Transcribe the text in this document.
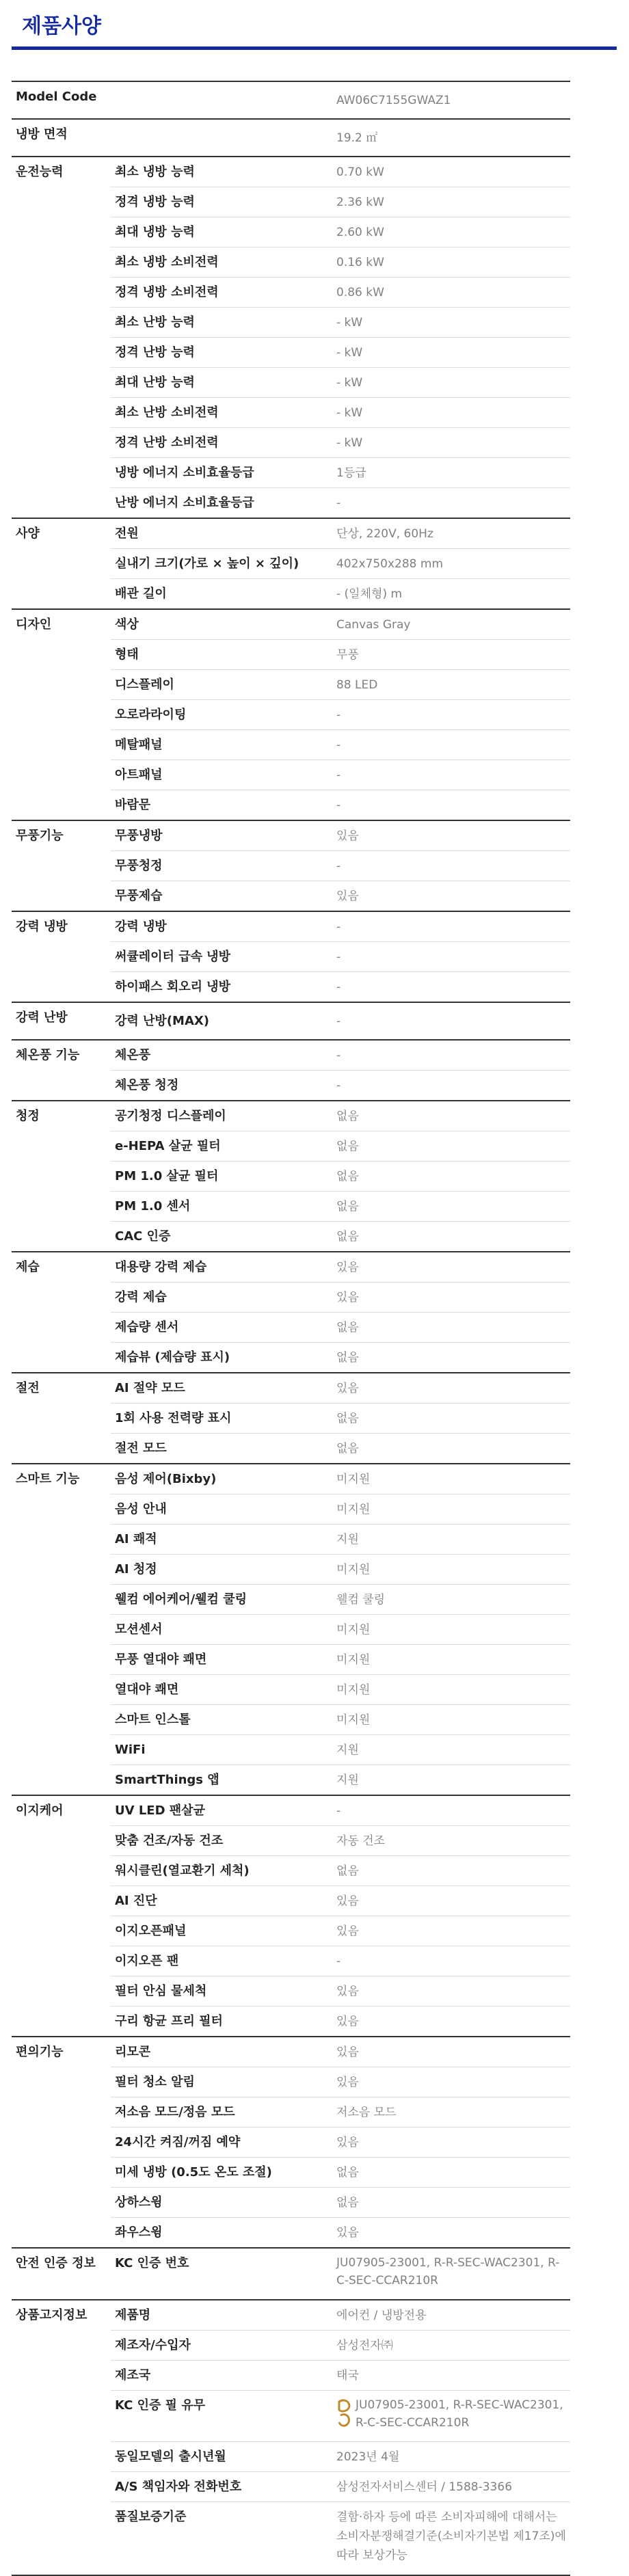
제품사양
Model Code		AW06C7155GWAZ1
냉방 면적		19.2 ㎡
운전능력	최소 냉방 능력	0.70 kW
	정격 냉방 능력	2.36 kW
	최대 냉방 능력	2.60 kW
	최소 냉방 소비전력	0.16 kW
	정격 냉방 소비전력	0.86 kW
	최소 난방 능력	- kW
	정격 난방 능력	- kW
	최대 난방 능력	- kW
	최소 난방 소비전력	- kW
	정격 난방 소비전력	- kW
	냉방 에너지 소비효율등급	1등급
	난방 에너지 소비효율등급	-
사양	전원	단상, 220V, 60Hz
	실내기 크기(가로 × 높이 × 깊이)	402x750x288 mm
	배관 길이	- (일체형) m
디자인	색상	Canvas Gray
	형태	무풍
	디스플레이	88 LED
	오로라라이팅	-
	메탈패널	-
	아트패널	-
	바람문	-
무풍기능	무풍냉방	있음
	무풍청정	-
	무풍제습	있음
강력 냉방	강력 냉방	-
	써큘레이터 급속 냉방	-
	하이패스 회오리 냉방	-
강력 난방	강력 난방(MAX)	-
체온풍 기능	체온풍	-
	체온풍 청정	-
청정	공기청정 디스플레이	없음
	e-HEPA 살균 필터	없음
	PM 1.0 살균 필터	없음
	PM 1.0 센서	없음
	CAC 인증	없음
제습	대용량 강력 제습	있음
	강력 제습	있음
	제습량 센서	없음
	제습뷰 (제습량 표시)	없음
절전	AI 절약 모드	있음
	1회 사용 전력량 표시	없음
	절전 모드	없음
스마트 기능	음성 제어(Bixby)	미지원
	음성 안내	미지원
	AI 쾌적	지원
	AI 청정	미지원
	웰컴 에어케어/웰컴 쿨링	웰컴 쿨링
	모션센서	미지원
	무풍 열대야 쾌면	미지원
	열대야 쾌면	미지원
	스마트 인스톨	미지원
	WiFi	지원
	SmartThings 앱	지원
이지케어	UV LED 팬살균	-
	맞춤 건조/자동 건조	자동 건조
	워시클린(열교환기 세척)	없음
	AI 진단	있음
	이지오픈패널	있음
	이지오픈 팬	-
	필터 안심 물세척	있음
	구리 항균 프리 필터	있음
편의기능	리모콘	있음
	필터 청소 알림	있음
	저소음 모드/정음 모드	저소음 모드
	24시간 켜짐/꺼짐 예약	있음
	미세 냉방 (0.5도 온도 조절)	없음
	상하스윙	없음
	좌우스윙	있음
안전 인증 정보	KC 인증 번호	JU07905-23001, R-R-SEC-WAC2301, R-C-SEC-CCAR210R
상품고지정보	제품명	에어컨 / 냉방전용
	제조자/수입자	삼성전자㈜
	제조국	태국
	KC 인증 필 유무	JU07905-23001, R-R-SEC-WAC2301, R-C-SEC-CCAR210R
	동일모델의 출시년월	2023년 4월
	A/S 책임자와 전화번호	삼성전자서비스센터 / 1588-3366
	품질보증기준	결함·하자 등에 따른 소비자피해에 대해서는 소비자분쟁해결기준(소비자기본법 제17조)에 따라 보상가능
